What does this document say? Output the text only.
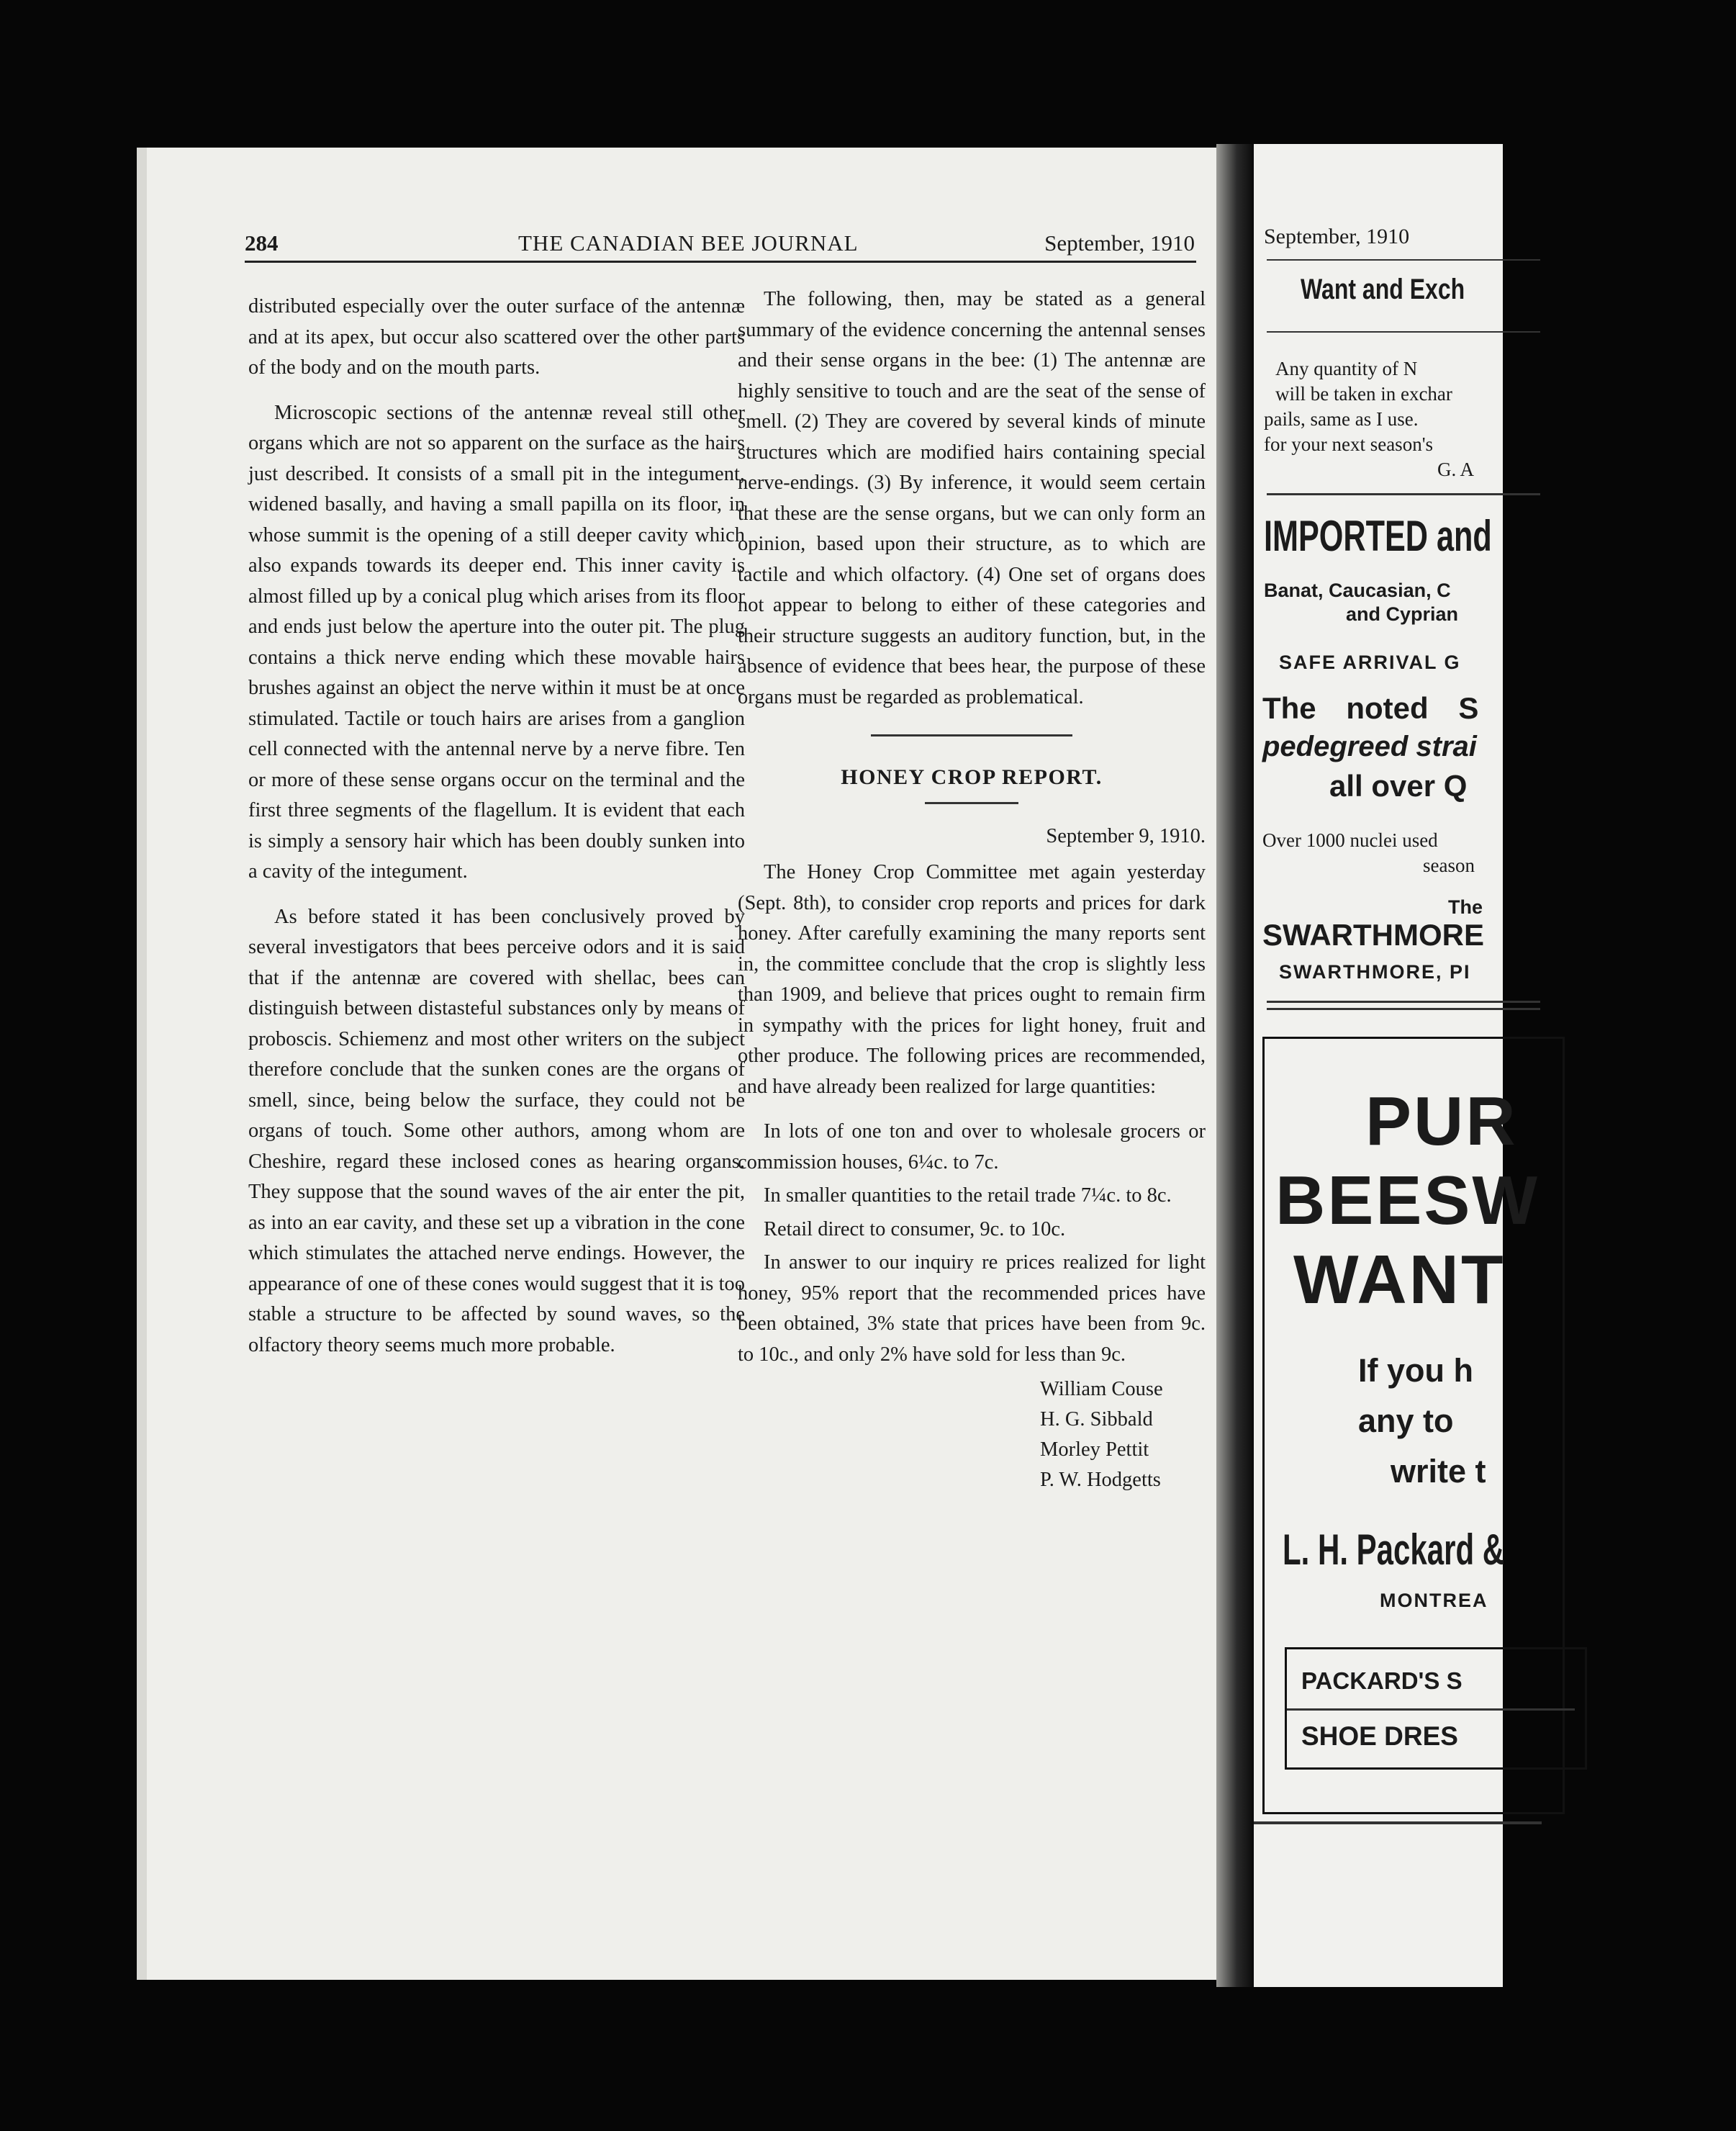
284	THE CANADIAN BEE JOURNAL	September, 1910

distributed especially over the outer surface of the antennæ and at its apex, but occur also scattered over the other parts of the body and on the mouth parts.

Microscopic sections of the antennæ reveal still other organs which are not so apparent on the surface as the hairs just described. It consists of a small pit in the integument, widened basally, and having a small papilla on its floor, in whose summit is the opening of a still deeper cavity which also expands towards its deeper end. This inner cavity is almost filled up by a conical plug which arises from its floor and ends just below the aperture into the outer pit. The plug contains a thick nerve ending which these movable hairs brushes against an object the nerve within it must be at once stimulated. Tactile or touch hairs are arises from a ganglion cell connected with the antennal nerve by a nerve fibre. Ten or more of these sense organs occur on the terminal and the first three segments of the flagellum. It is evident that each is simply a sensory hair which has been doubly sunken into a cavity of the integument.

As before stated it has been conclusively proved by several investigators that bees perceive odors and it is said that if the antennæ are covered with shellac, bees can distinguish between distasteful substances only by means of proboscis. Schiemenz and most other writers on the subject therefore conclude that the sunken cones are the organs of smell, since, being below the surface, they could not be organs of touch. Some other authors, among whom are Cheshire, regard these inclosed cones as hearing organs. They suppose that the sound waves of the air enter the pit, as into an ear cavity, and these set up a vibration in the cone which stimulates the attached nerve endings. However, the appearance of one of these cones would suggest that it is too stable a structure to be affected by sound waves, so the olfactory theory seems much more probable.

The following, then, may be stated as a general summary of the evidence concerning the antennal senses and their sense organs in the bee: (1) The antennæ are highly sensitive to touch and are the seat of the sense of smell. (2) They are covered by several kinds of minute structures which are modified hairs containing special nerve-endings. (3) By inference, it would seem certain that these are the sense organs, but we can only form an opinion, based upon their structure, as to which are tactile and which olfactory. (4) One set of organs does not appear to belong to either of these categories and their structure suggests an auditory function, but, in the absence of evidence that bees hear, the purpose of these organs must be regarded as problematical.

HONEY CROP REPORT.
September 9, 1910.

The Honey Crop Committee met again yesterday (Sept. 8th), to consider crop reports and prices for dark honey. After carefully examining the many reports sent in, the committee conclude that the crop is slightly less than 1909, and believe that prices ought to remain firm in sympathy with the prices for light honey, fruit and other produce. The following prices are recommended, and have already been realized for large quantities:

In lots of one ton and over to wholesale grocers or commission houses, 6¼c. to 7c.

In smaller quantities to the retail trade 7¼c. to 8c.

Retail direct to consumer, 9c. to 10c.

In answer to our inquiry re prices realized for light honey, 95% report that the recommended prices have been obtained, 3% state that prices have been from 9c. to 10c., and only 2% have sold for less than 9c.

William Couse
H. G. Sibbald
Morley Pettit
P. W. Hodgetts
September, 1910
Want and Exch
Any quantity of N
will be taken in exchar
pails, same as I use.
for your next season's
G. A
IMPORTED and
Banat, Caucasian, C
and Cyprian
SAFE ARRIVAL G
The noted S
pedegreed strai
all over Q
Over 1000 nuclei used
season
The
SWARTHMORE
SWARTHMORE, PI
PUR
BEESW
WANT
If you h
any to
write t
L. H. Packard &
MONTREA
PACKARD'S S
SHOE DRES
